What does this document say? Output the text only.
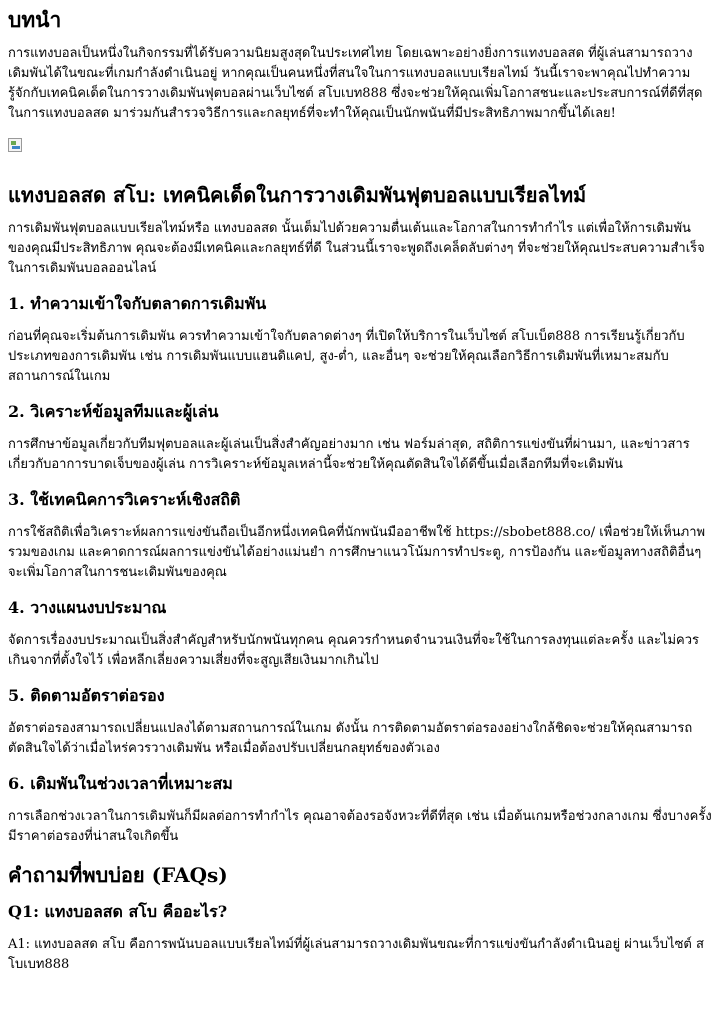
บทนำ

การแทงบอลเป็นหนึ่งในกิจกรรมที่ได้รับความนิยมสูงสุดในประเทศไทย โดยเฉพาะอย่างยิ่งการแทงบอลสด ที่ผู้เล่นสามารถวางเดิมพันได้ในขณะที่เกมกำลังดำเนินอยู่ หากคุณเป็นคนหนึ่งที่สนใจในการแทงบอลแบบเรียลไทม์ วันนี้เราจะพาคุณไปทำความรู้จักกับเทคนิคเด็ดในการวางเดิมพันฟุตบอลผ่านเว็บไซต์ สโบเบท888 ซึ่งจะช่วยให้คุณเพิ่มโอกาสชนะและประสบการณ์ที่ดีที่สุดในการแทงบอลสด มาร่วมกันสำรวจวิธีการและกลยุทธ์ที่จะทำให้คุณเป็นนักพนันที่มีประสิทธิภาพมากขึ้นได้เลย!

แทงบอลสด สโบ: เทคนิคเด็ดในการวางเดิมพันฟุตบอลแบบเรียลไทม์

การเดิมพันฟุตบอลแบบเรียลไทม์หรือ แทงบอลสด นั้นเต็มไปด้วยความตื่นเต้นและโอกาสในการทำกำไร แต่เพื่อให้การเดิมพันของคุณมีประสิทธิภาพ คุณจะต้องมีเทคนิคและกลยุทธ์ที่ดี ในส่วนนี้เราจะพูดถึงเคล็ดลับต่างๆ ที่จะช่วยให้คุณประสบความสำเร็จในการเดิมพันบอลออนไลน์

1. ทำความเข้าใจกับตลาดการเดิมพัน

ก่อนที่คุณจะเริ่มต้นการเดิมพัน ควรทำความเข้าใจกับตลาดต่างๆ ที่เปิดให้บริการในเว็บไซต์ สโบเบ็ต888 การเรียนรู้เกี่ยวกับประเภทของการเดิมพัน เช่น การเดิมพันแบบแฮนดิแคป, สูง-ต่ำ, และอื่นๆ จะช่วยให้คุณเลือกวิธีการเดิมพันที่เหมาะสมกับสถานการณ์ในเกม

2. วิเคราะห์ข้อมูลทีมและผู้เล่น

การศึกษาข้อมูลเกี่ยวกับทีมฟุตบอลและผู้เล่นเป็นสิ่งสำคัญอย่างมาก เช่น ฟอร์มล่าสุด, สถิติการแข่งขันที่ผ่านมา, และข่าวสารเกี่ยวกับอาการบาดเจ็บของผู้เล่น การวิเคราะห์ข้อมูลเหล่านี้จะช่วยให้คุณตัดสินใจได้ดีขึ้นเมื่อเลือกทีมที่จะเดิมพัน

3. ใช้เทคนิคการวิเคราะห์เชิงสถิติ

การใช้สถิติเพื่อวิเคราะห์ผลการแข่งขันถือเป็นอีกหนึ่งเทคนิคที่นักพนันมืออาชีพใช้ https://sbobet888.co/ เพื่อช่วยให้เห็นภาพรวมของเกม และคาดการณ์ผลการแข่งขันได้อย่างแม่นยำ การศึกษาแนวโน้มการทำประตู, การป้องกัน และข้อมูลทางสถิติอื่นๆ จะเพิ่มโอกาสในการชนะเดิมพันของคุณ

4. วางแผนงบประมาณ

จัดการเรื่องงบประมาณเป็นสิ่งสำคัญสำหรับนักพนันทุกคน คุณควรกำหนดจำนวนเงินที่จะใช้ในการลงทุนแต่ละครั้ง และไม่ควรเกินจากที่ตั้งใจไว้ เพื่อหลีกเลี่ยงความเสี่ยงที่จะสูญเสียเงินมากเกินไป

5. ติดตามอัตราต่อรอง

อัตราต่อรองสามารถเปลี่ยนแปลงได้ตามสถานการณ์ในเกม ดังนั้น การติดตามอัตราต่อรองอย่างใกล้ชิดจะช่วยให้คุณสามารถตัดสินใจได้ว่าเมื่อไหร่ควรวางเดิมพัน หรือเมื่อต้องปรับเปลี่ยนกลยุทธ์ของตัวเอง

6. เดิมพันในช่วงเวลาที่เหมาะสม

การเลือกช่วงเวลาในการเดิมพันก็มีผลต่อการทำกำไร คุณอาจต้องรอจังหวะที่ดีที่สุด เช่น เมื่อต้นเกมหรือช่วงกลางเกม ซึ่งบางครั้งมีราคาต่อรองที่น่าสนใจเกิดขึ้น

คำถามที่พบบ่อย (FAQs)
Q1: แทงบอลสด สโบ คืออะไร?

A1: แทงบอลสด สโบ คือการพนันบอลแบบเรียลไทม์ที่ผู้เล่นสามารถวางเดิมพันขณะที่การแข่งขันกำลังดำเนินอยู่ ผ่านเว็บไซต์ สโบเบท888
